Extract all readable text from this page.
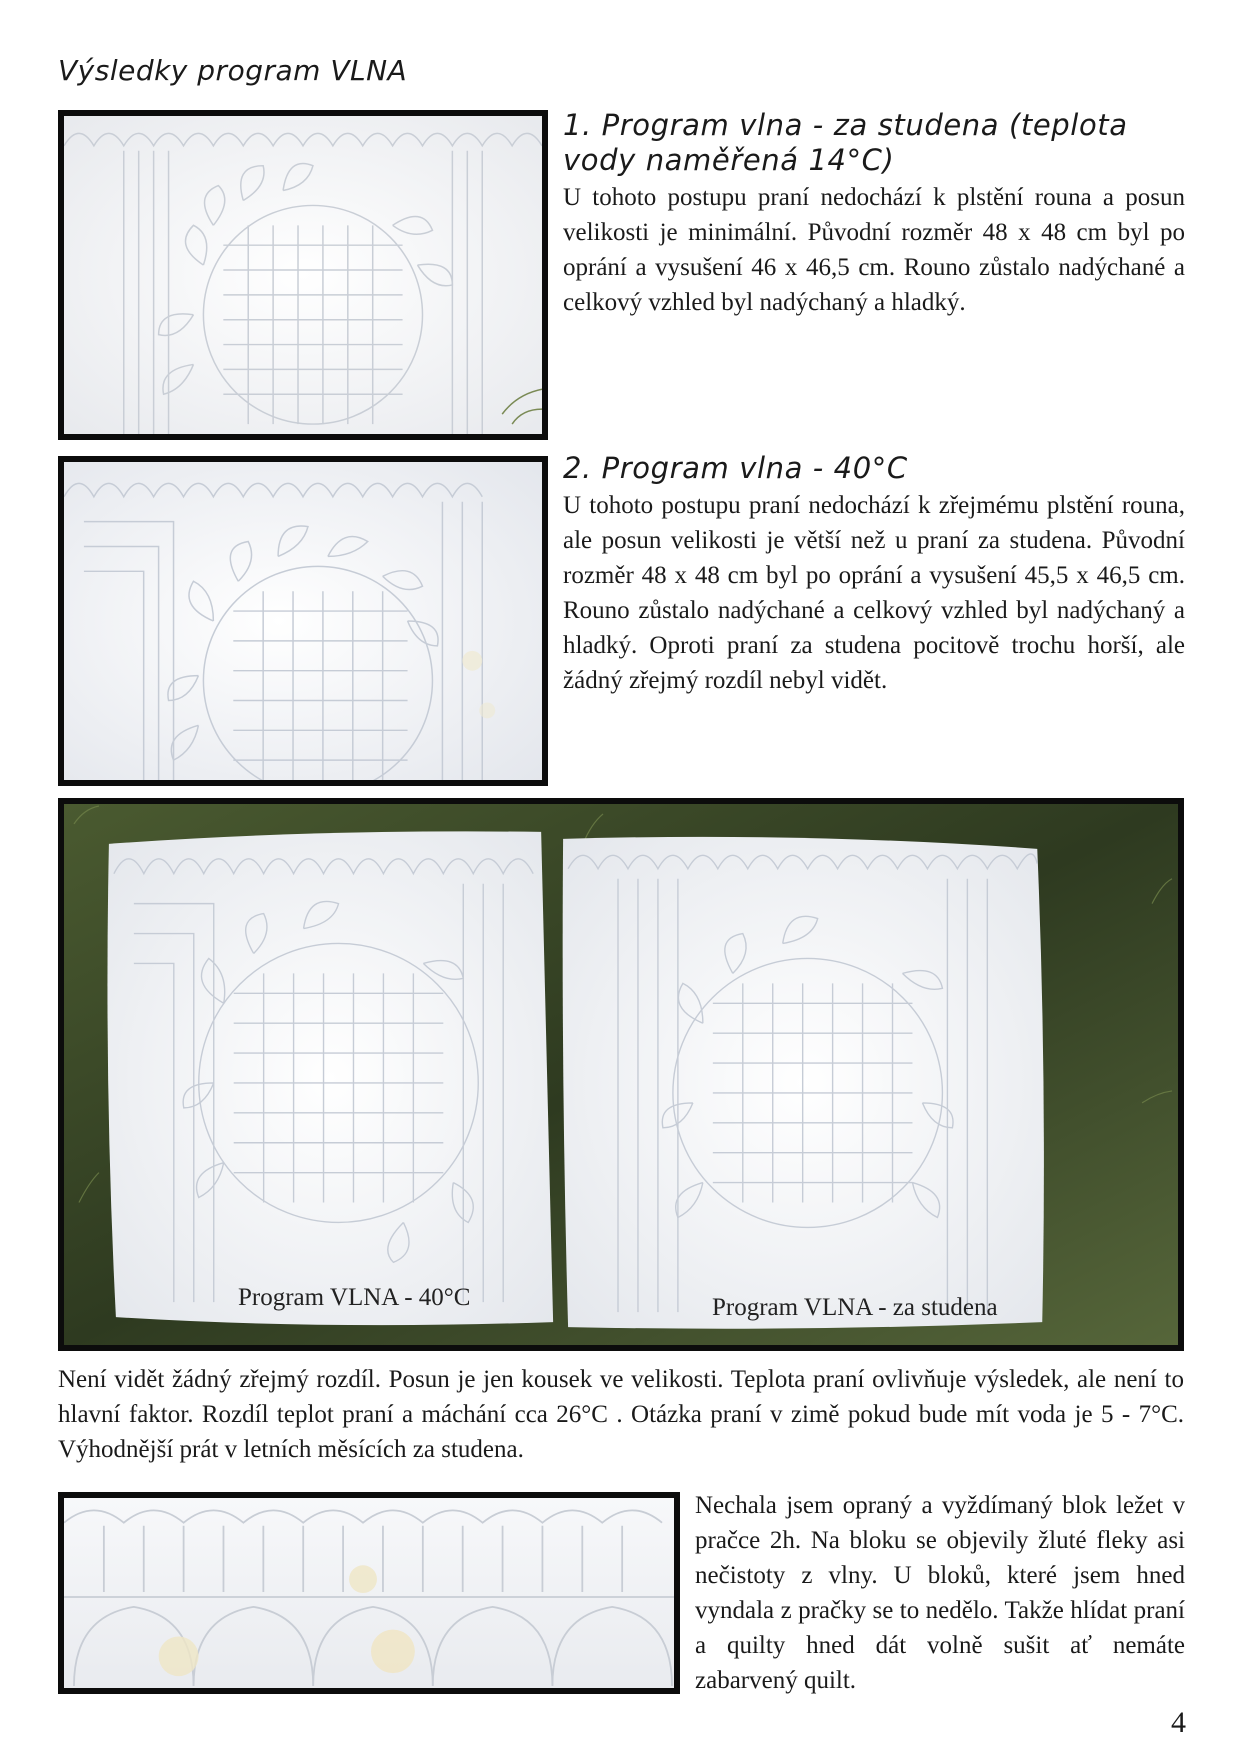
Výsledky program VLNA
1. Program vlna - za studena (teplota vody naměřená 14°C)

U tohoto postupu praní nedochází k plstění rouna a posun velikosti je minimální. Původní rozměr 48 x 48 cm byl po oprání a vysušení 46 x 46,5 cm. Rouno zůstalo nadýchané a celkový vzhled byl nadýchaný a hladký.

2. Program vlna - 40°C

U tohoto postupu praní nedochází k zřejmému plstění rouna, ale posun velikosti je větší než u praní za studena. Původní rozměr 48 x 48 cm byl po oprání a vysušení 45,5 x 46,5 cm. Rouno zůstalo nadýchané a celkový vzhled byl nadýchaný a hladký. Oproti praní za studena pocitově trochu horší, ale žádný zřejmý rozdíl nebyl vidět.

Program VLNA - 40°C	Program VLNA - za studena

Není vidět žádný zřejmý rozdíl. Posun je jen kousek ve velikosti. Teplota praní ovlivňuje výsledek, ale není to hlavní faktor. Rozdíl teplot praní a máchání cca 26°C . Otázka praní v zimě pokud bude mít voda je 5 - 7°C. Výhodnější prát v letních měsících za studena.

Nechala jsem opraný a vyždímaný blok ležet v pračce 2h. Na bloku se objevily žluté fleky asi nečistoty z vlny. U bloků, které jsem hned vyndala z pračky se to nedělo. Takže hlídat praní a quilty hned dát volně sušit ať nemáte zabarvený quilt.

4
